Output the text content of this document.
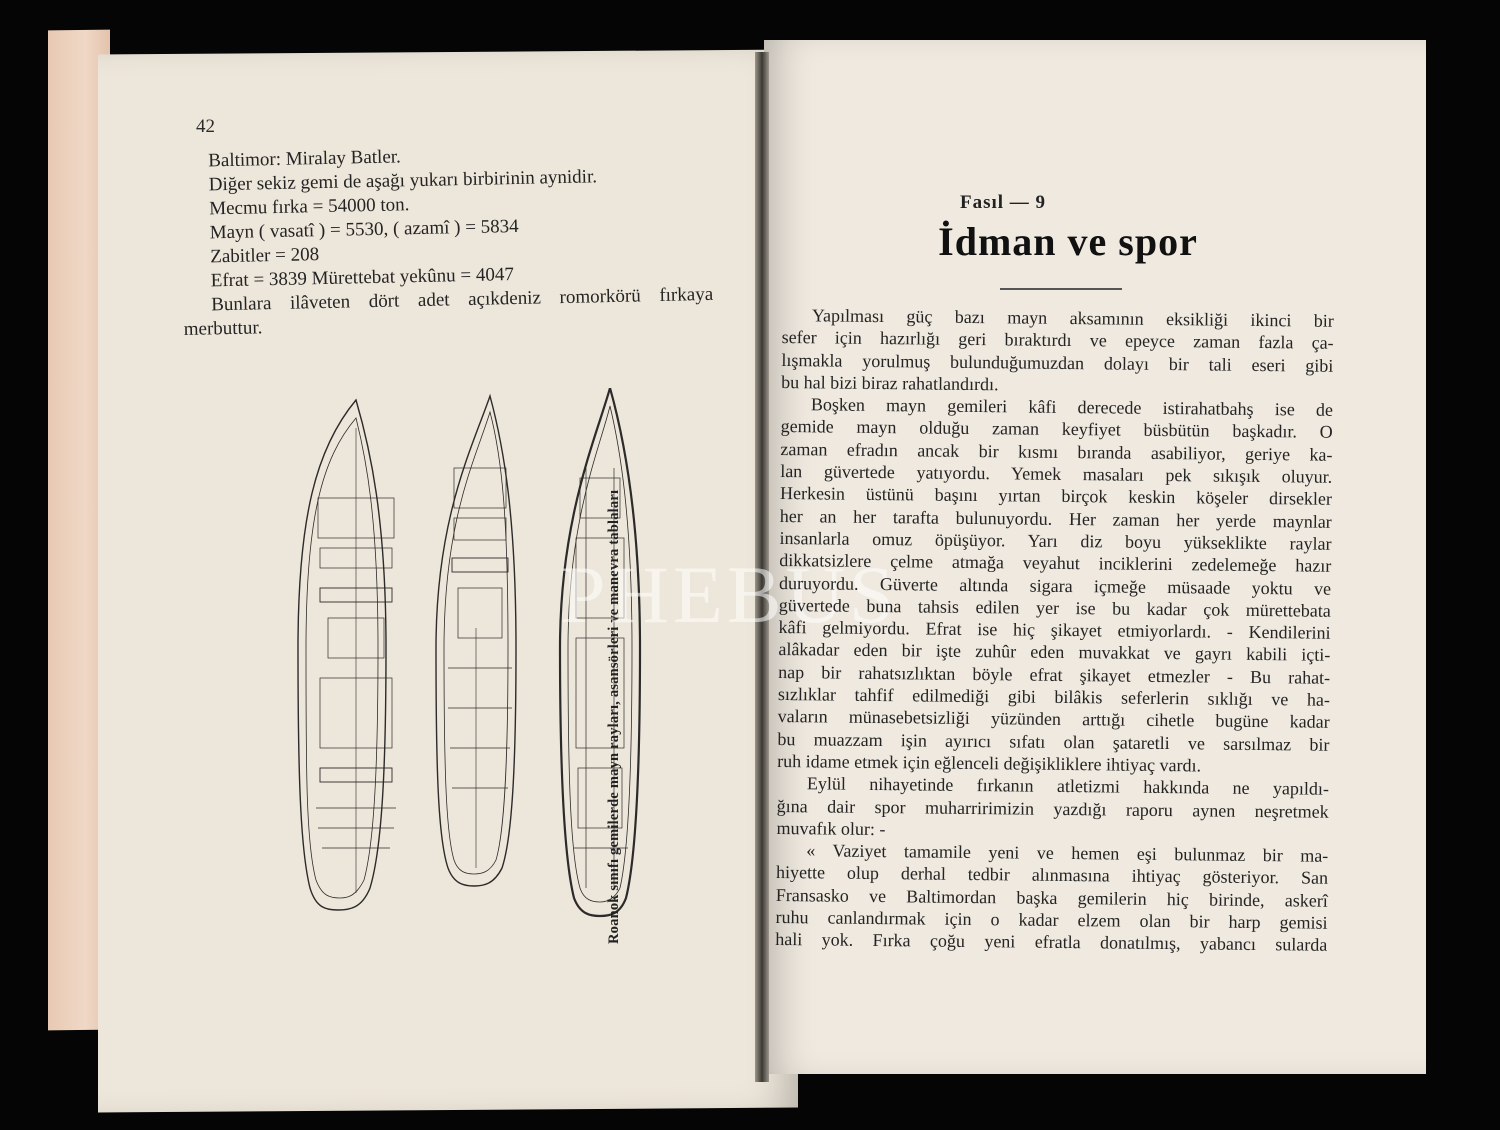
42
Baltimor: Miralay Batler.
Diğer sekiz gemi de aşağı yukarı birbirinin aynidir.
Mecmu fırka = 54000 ton.
Mayn ( vasatî ) = 5530, ( azamî ) = 5834
Zabitler = 208
Efrat = 3839 Mürettebat yekûnu = 4047
Bunlara ilâveten dört adet açıkdeniz romorkörü fırkaya
merbuttur.
Roanok sınıfı gemilerde mayn rayları, asansörleri ve manevra tablaları
PHEBUS
Fasıl — 9
İdman ve spor
Yapılması güç bazı mayn aksamının eksikliği ikinci bir
sefer için hazırlığı geri bıraktırdı ve epeyce zaman fazla ça-
lışmakla yorulmuş bulunduğumuzdan dolayı bir tali eseri gibi
bu hal bizi biraz rahatlandırdı.
Boşken mayn gemileri kâfi derecede istirahatbahş ise de
gemide mayn olduğu zaman keyfiyet büsbütün başkadır. O
zaman efradın ancak bir kısmı bıranda asabiliyor, geriye ka-
lan güvertede yatıyordu. Yemek masaları pek sıkışık oluyur.
Herkesin üstünü başını yırtan birçok keskin köşeler dirsekler
her an her tarafta bulunuyordu. Her zaman her yerde maynlar
insanlarla omuz öpüşüyor. Yarı diz boyu yükseklikte raylar
dikkatsizlere çelme atmağa veyahut inciklerini zedelemeğe hazır
duruyordu. Güverte altında sigara içmeğe müsaade yoktu ve
güvertede buna tahsis edilen yer ise bu kadar çok mürettebata
kâfi gelmiyordu. Efrat ise hiç şikayet etmiyorlardı. - Kendilerini
alâkadar eden bir işte zuhûr eden muvakkat ve gayrı kabili içti-
nap bir rahatsızlıktan böyle efrat şikayet etmezler - Bu rahat-
sızlıklar tahfif edilmediği gibi bilâkis seferlerin sıklığı ve ha-
vaların münasebetsizliği yüzünden arttığı cihetle bugüne kadar
bu muazzam işin ayırıcı sıfatı olan şataretli ve sarsılmaz bir
ruh idame etmek için eğlenceli değişikliklere ihtiyaç vardı.
Eylül nihayetinde fırkanın atletizmi hakkında ne yapıldı-
ğına dair spor muharririmizin yazdığı raporu aynen neşretmek
muvafık olur: -
« Vaziyet tamamile yeni ve hemen eşi bulunmaz bir ma-
hiyette olup derhal tedbir alınmasına ihtiyaç gösteriyor. San
Fransasko ve Baltimordan başka gemilerin hiç birinde, askerî
ruhu canlandırmak için o kadar elzem olan bir harp gemisi
hali yok. Fırka çoğu yeni efratla donatılmış, yabancı sularda
